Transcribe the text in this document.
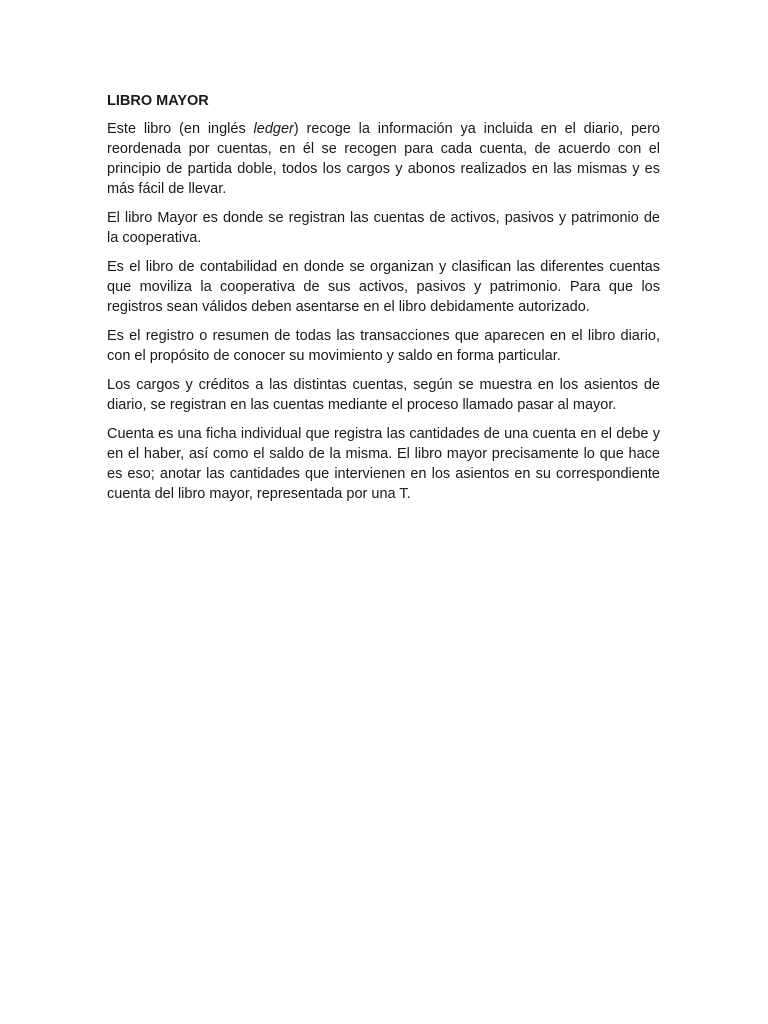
LIBRO MAYOR

Este libro (en inglés ledger) recoge la información ya incluida en el diario, pero reordenada por cuentas, en él se recogen para cada cuenta, de acuerdo con el principio de partida doble, todos los cargos y abonos realizados en las mismas y es más fácil de llevar.

El libro Mayor es donde se registran las cuentas de activos, pasivos y patrimonio de la cooperativa.

Es el libro de contabilidad en donde se organizan y clasifican las diferentes cuentas que moviliza la cooperativa de sus activos, pasivos y patrimonio. Para que los registros sean válidos deben asentarse en el libro debidamente autorizado.

Es el registro o resumen de todas las transacciones que aparecen en el libro diario, con el propósito de conocer su movimiento y saldo en forma particular.

Los cargos y créditos a las distintas cuentas, según se muestra en los asientos de diario, se registran en las cuentas mediante el proceso llamado pasar al mayor.

Cuenta es una ficha individual que registra las cantidades de una cuenta en el debe y en el haber, así como el saldo de la misma. El libro mayor precisamente lo que hace es eso; anotar las cantidades que intervienen en los asientos en su correspondiente cuenta del libro mayor, representada por una T.
